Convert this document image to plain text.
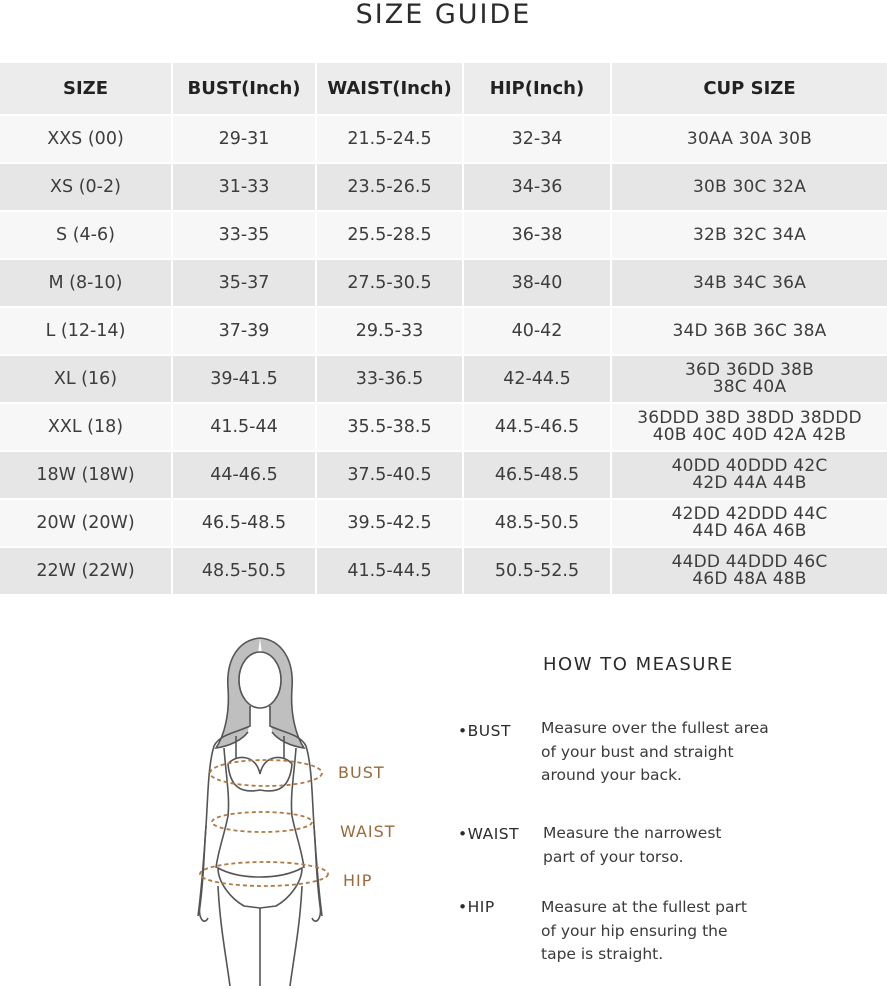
SIZE GUIDE
SIZE	BUST(Inch)	WAIST(Inch)	HIP(Inch)	CUP SIZE
XXS (00)	29-31	21.5-24.5	32-34	30AA 30A 30B
XS (0-2)	31-33	23.5-26.5	34-36	30B 30C 32A
S (4-6)	33-35	25.5-28.5	36-38	32B 32C 34A
M (8-10)	35-37	27.5-30.5	38-40	34B 34C 36A
L (12-14)	37-39	29.5-33	40-42	34D 36B 36C 38A
XL (16)	39-41.5	33-36.5	42-44.5	36D 36DD 38B
38C 40A
XXL (18)	41.5-44	35.5-38.5	44.5-46.5	36DDD 38D 38DD 38DDD
40B 40C 40D 42A 42B
18W (18W)	44-46.5	37.5-40.5	46.5-48.5	40DD 40DDD 42C
42D 44A 44B
20W (20W)	46.5-48.5	39.5-42.5	48.5-50.5	42DD 42DDD 44C
44D 46A 46B
22W (22W)	48.5-50.5	41.5-44.5	50.5-52.5	44DD 44DDD 46C
46D 48A 48B
BUST
WAIST
HIP
HOW TO MEASURE
•BUST Measure over the fullest area
of your bust and straight
around your back.
•WAIST Measure the narrowest
part of your torso.
•HIP	Measure at the fullest part
of your hip ensuring the
tape is straight.
